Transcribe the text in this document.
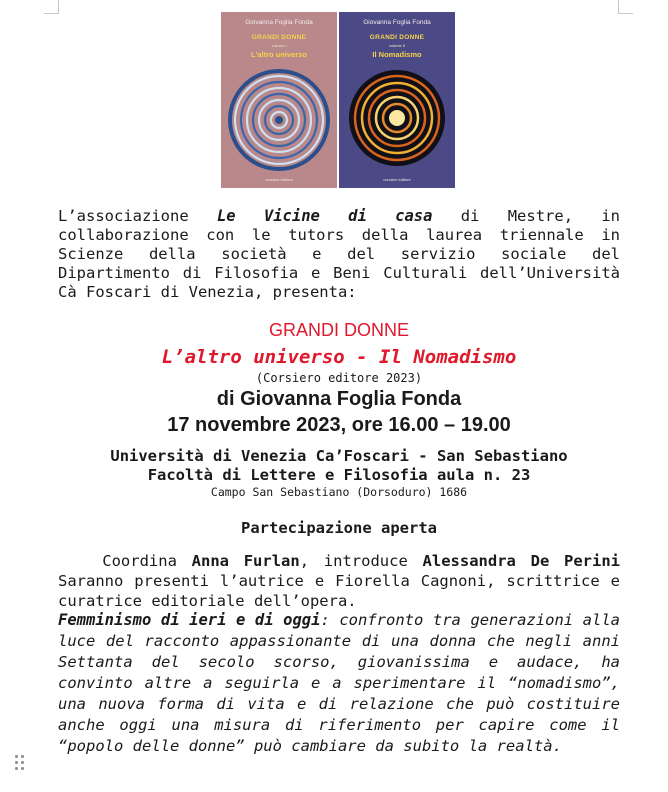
Giovanna Foglia Fonda
GRANDI DONNE
volume I
L'altro universo
corsiero editore
Giovanna Foglia Fonda
GRANDI DONNE
volume II
Il Nomadismo
corsiero editore
L’associazione Le Vicine di casa di Mestre, in collaborazione con le tutors della laurea triennale in Scienze della società e del servizio sociale del Dipartimento di Filosofia e Beni Culturali dell’Università Cà Foscari di Venezia, presenta:
GRANDI DONNE
L’altro universo - Il Nomadismo
(Corsiero editore 2023)
di Giovanna Foglia Fonda
17 novembre 2023, ore 16.00 – 19.00
Università di Venezia Ca’Foscari - San Sebastiano
Facoltà di Lettere e Filosofia aula n. 23
Campo San Sebastiano (Dorsoduro) 1686
Partecipazione aperta
Coordina Anna Furlan, introduce Alessandra De Perini Saranno presenti l’autrice e Fiorella Cagnoni, scrittrice e curatrice editoriale dell’opera.
Femminismo di ieri e di oggi: confronto tra generazioni alla luce del racconto appassionante di una donna che negli anni Settanta del secolo scorso, giovanissima e audace, ha convinto altre a seguirla e a sperimentare il “nomadismo”, una nuova forma di vita e di relazione che può costituire anche oggi una misura di riferimento per capire come il “popolo delle donne” può cambiare da subito la realtà.
